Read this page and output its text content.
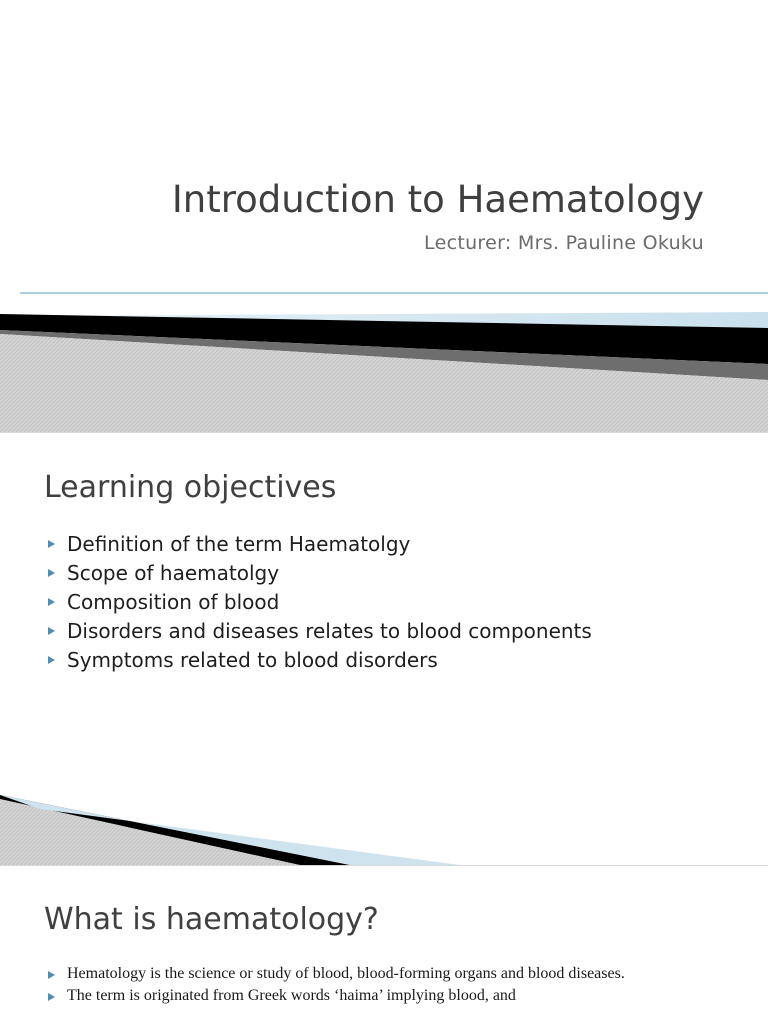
Introduction to Haematology
Lecturer: Mrs. Pauline Okuku
Learning objectives
Definition of the term Haematolgy
Scope of haematolgy
Composition of blood
Disorders and diseases relates to blood components
Symptoms related to blood disorders
What is haematology?
Hematology is the science or study of blood, blood-forming organs and blood diseases.
The term is originated from Greek words ‘haima’ implying blood, and
